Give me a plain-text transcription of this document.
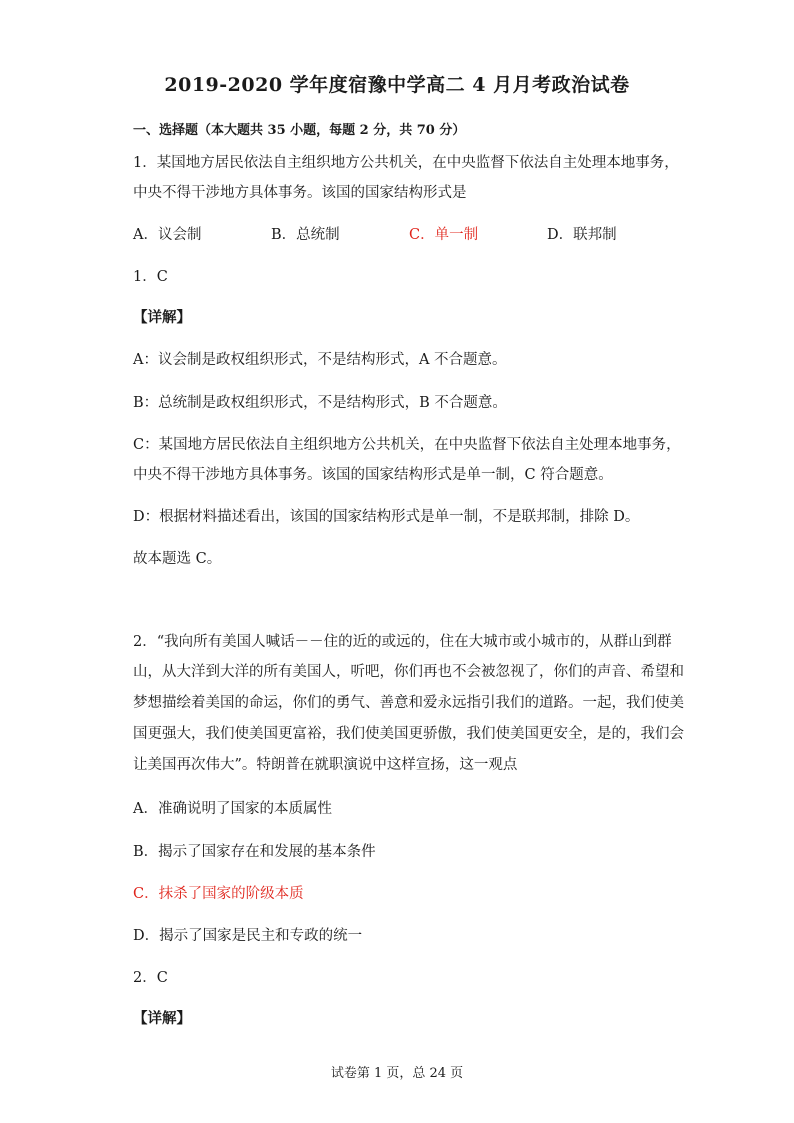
2019-2020 学年度宿豫中学高二 4 月月考政治试卷
一、选择题（本大题共 35 小题，每题 2 分，共 70 分）
1．某国地方居民依法自主组织地方公共机关，在中央监督下依法自主处理本地事务，
中央不得干涉地方具体事务。该国的国家结构形式是
A．议会制	B．总统制	C．单一制	D．联邦制
1．C
【详解】
A：议会制是政权组织形式，不是结构形式，A 不合题意。
B：总统制是政权组织形式，不是结构形式，B 不合题意。
C：某国地方居民依法自主组织地方公共机关，在中央监督下依法自主处理本地事务，
中央不得干涉地方具体事务。该国的国家结构形式是单一制，C 符合题意。
D：根据材料描述看出，该国的国家结构形式是单一制，不是联邦制，排除 D。
故本题选 C。
2．“我向所有美国人喊话－－住的近的或远的，住在大城市或小城市的，从群山到群
山，从大洋到大洋的所有美国人，听吧，你们再也不会被忽视了，你们的声音、希望和
梦想描绘着美国的命运，你们的勇气、善意和爱永远指引我们的道路。一起，我们使美
国更强大，我们使美国更富裕，我们使美国更骄傲，我们使美国更安全，是的，我们会
让美国再次伟大”。特朗普在就职演说中这样宣扬，这一观点
A．准确说明了国家的本质属性
B．揭示了国家存在和发展的基本条件
C．抹杀了国家的阶级本质
D．揭示了国家是民主和专政的统一
2．C
【详解】
试卷第 1 页，总 24 页
